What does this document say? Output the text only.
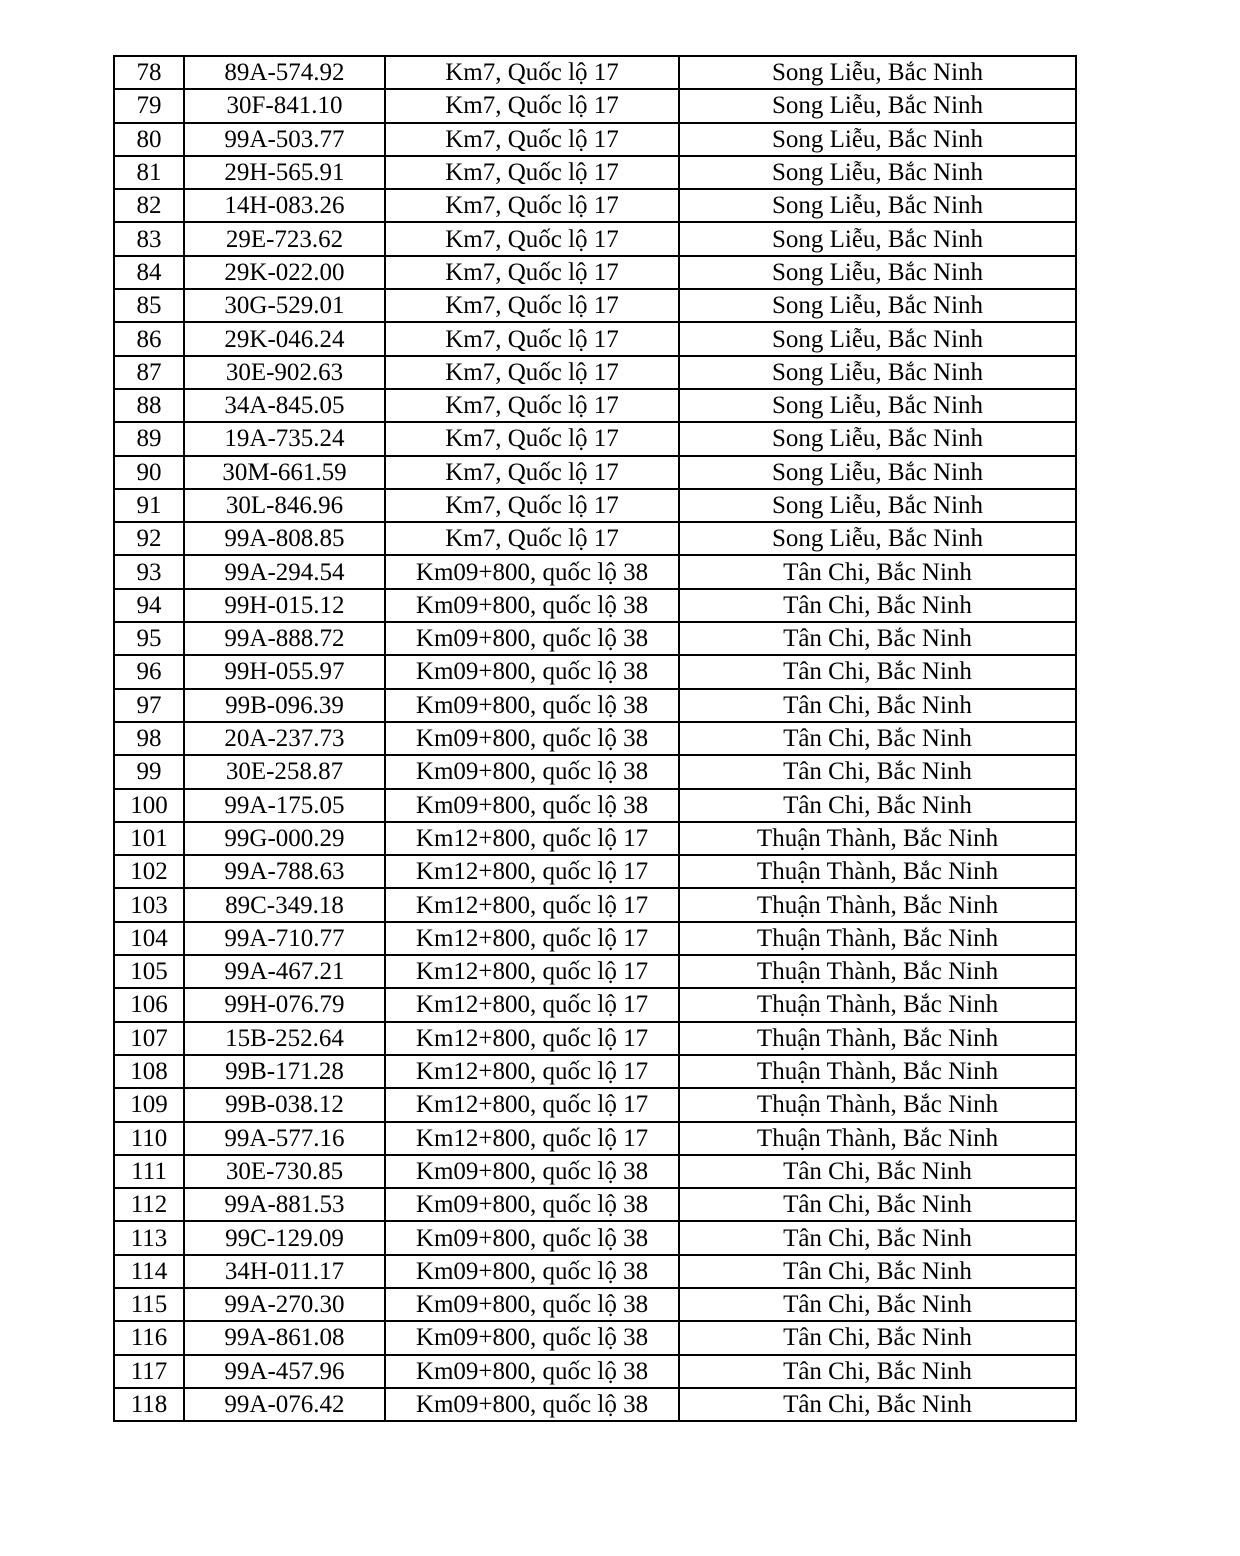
78	89A-574.92	Km7, Quốc lộ 17	Song Liễu, Bắc Ninh
79	30F-841.10	Km7, Quốc lộ 17	Song Liễu, Bắc Ninh
80	99A-503.77	Km7, Quốc lộ 17	Song Liễu, Bắc Ninh
81	29H-565.91	Km7, Quốc lộ 17	Song Liễu, Bắc Ninh
82	14H-083.26	Km7, Quốc lộ 17	Song Liễu, Bắc Ninh
83	29E-723.62	Km7, Quốc lộ 17	Song Liễu, Bắc Ninh
84	29K-022.00	Km7, Quốc lộ 17	Song Liễu, Bắc Ninh
85	30G-529.01	Km7, Quốc lộ 17	Song Liễu, Bắc Ninh
86	29K-046.24	Km7, Quốc lộ 17	Song Liễu, Bắc Ninh
87	30E-902.63	Km7, Quốc lộ 17	Song Liễu, Bắc Ninh
88	34A-845.05	Km7, Quốc lộ 17	Song Liễu, Bắc Ninh
89	19A-735.24	Km7, Quốc lộ 17	Song Liễu, Bắc Ninh
90	30M-661.59	Km7, Quốc lộ 17	Song Liễu, Bắc Ninh
91	30L-846.96	Km7, Quốc lộ 17	Song Liễu, Bắc Ninh
92	99A-808.85	Km7, Quốc lộ 17	Song Liễu, Bắc Ninh
93	99A-294.54	Km09+800, quốc lộ 38	Tân Chi, Bắc Ninh
94	99H-015.12	Km09+800, quốc lộ 38	Tân Chi, Bắc Ninh
95	99A-888.72	Km09+800, quốc lộ 38	Tân Chi, Bắc Ninh
96	99H-055.97	Km09+800, quốc lộ 38	Tân Chi, Bắc Ninh
97	99B-096.39	Km09+800, quốc lộ 38	Tân Chi, Bắc Ninh
98	20A-237.73	Km09+800, quốc lộ 38	Tân Chi, Bắc Ninh
99	30E-258.87	Km09+800, quốc lộ 38	Tân Chi, Bắc Ninh
100	99A-175.05	Km09+800, quốc lộ 38	Tân Chi, Bắc Ninh
101	99G-000.29	Km12+800, quốc lộ 17	Thuận Thành, Bắc Ninh
102	99A-788.63	Km12+800, quốc lộ 17	Thuận Thành, Bắc Ninh
103	89C-349.18	Km12+800, quốc lộ 17	Thuận Thành, Bắc Ninh
104	99A-710.77	Km12+800, quốc lộ 17	Thuận Thành, Bắc Ninh
105	99A-467.21	Km12+800, quốc lộ 17	Thuận Thành, Bắc Ninh
106	99H-076.79	Km12+800, quốc lộ 17	Thuận Thành, Bắc Ninh
107	15B-252.64	Km12+800, quốc lộ 17	Thuận Thành, Bắc Ninh
108	99B-171.28	Km12+800, quốc lộ 17	Thuận Thành, Bắc Ninh
109	99B-038.12	Km12+800, quốc lộ 17	Thuận Thành, Bắc Ninh
110	99A-577.16	Km12+800, quốc lộ 17	Thuận Thành, Bắc Ninh
111	30E-730.85	Km09+800, quốc lộ 38	Tân Chi, Bắc Ninh
112	99A-881.53	Km09+800, quốc lộ 38	Tân Chi, Bắc Ninh
113	99C-129.09	Km09+800, quốc lộ 38	Tân Chi, Bắc Ninh
114	34H-011.17	Km09+800, quốc lộ 38	Tân Chi, Bắc Ninh
115	99A-270.30	Km09+800, quốc lộ 38	Tân Chi, Bắc Ninh
116	99A-861.08	Km09+800, quốc lộ 38	Tân Chi, Bắc Ninh
117	99A-457.96	Km09+800, quốc lộ 38	Tân Chi, Bắc Ninh
118	99A-076.42	Km09+800, quốc lộ 38	Tân Chi, Bắc Ninh
